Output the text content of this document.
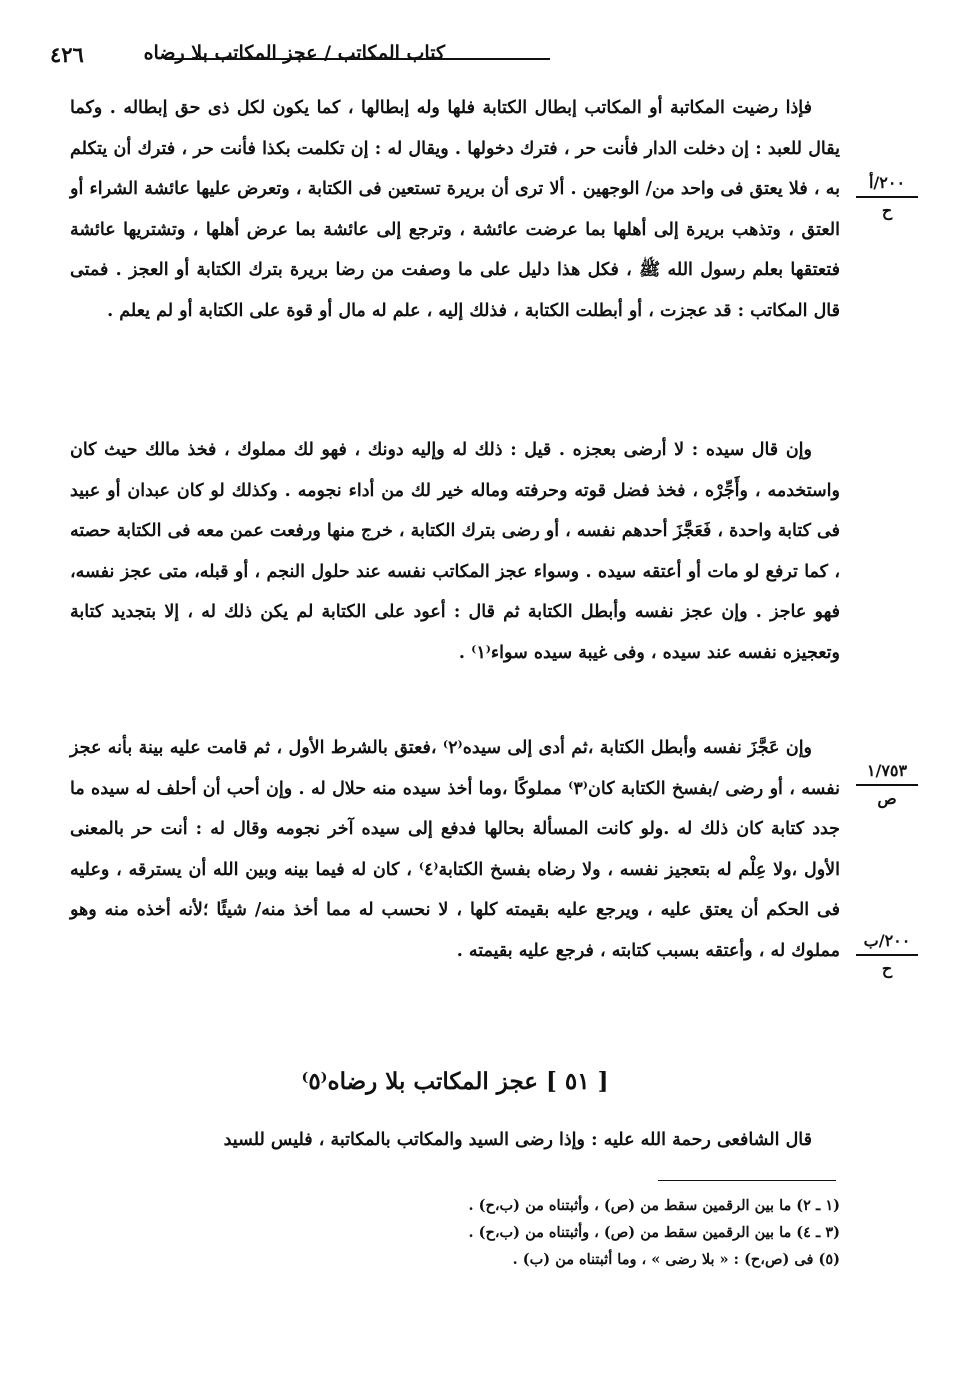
كتاب المكاتب / عجز المكاتب بلا رضاه
٤٢٦
٢٠٠/أ
ح
١/٧٥٣
ص
٢٠٠/ب
ح

فإذا رضيت المكاتبة أو المكاتب إبطال الكتابة فلها وله إبطالها ، كما يكون لكل ذى حق إبطاله . وكما يقال للعبد : إن دخلت الدار فأنت حر ، فترك دخولها . ويقال له : إن تكلمت بكذا فأنت حر ، فترك أن يتكلم به ، فلا يعتق فى واحد من/ الوجهين . ألا ترى أن بريرة تستعين فى الكتابة ، وتعرض عليها عائشة الشراء أو العتق ، وتذهب بريرة إلى أهلها بما عرضت عائشة ، وترجع إلى عائشة بما عرض أهلها ، وتشتريها عائشة فتعتقها بعلم رسول الله ﷺ ، فكل هذا دليل على ما وصفت من رضا بريرة بترك الكتابة أو العجز . فمتى قال المكاتب : قد عجزت ، أو أبطلت الكتابة ، فذلك إليه ، علم له مال أو قوة على الكتابة أو لم يعلم .

وإن قال سيده : لا أرضى بعجزه . قيل : ذلك له وإليه دونك ، فهو لك مملوك ، فخذ مالك حيث كان واستخدمه ، وأَجِّرْه ، فخذ فضل قوته وحرفته وماله خير لك من أداء نجومه . وكذلك لو كان عبدان أو عبيد فى كتابة واحدة ، فَعَجَّزَ أحدهم نفسه ، أو رضى بترك الكتابة ، خرج منها ورفعت عمن معه فى الكتابة حصته ، كما ترفع لو مات أو أعتقه سيده . وسواء عجز المكاتب نفسه عند حلول النجم ، أو قبله، متى عجز نفسه، فهو عاجز . وإن عجز نفسه وأبطل الكتابة ثم قال : أعود على الكتابة لم يكن ذلك له ، إلا بتجديد كتابة وتعجيزه نفسه عند سيده ، وفى غيبة سيده سواء⁽١⁾ .

وإن عَجَّزَ نفسه وأبطل الكتابة ،ثم أدى إلى سيده⁽٢⁾ ،فعتق بالشرط الأول ، ثم قامت عليه بينة بأنه عجز نفسه ، أو رضى /بفسخ الكتابة كان⁽٣⁾ مملوكًا ،وما أخذ سيده منه حلال له . وإن أحب أن أحلف له سيده ما جدد كتابة كان ذلك له .ولو كانت المسألة بحالها فدفع إلى سيده آخر نجومه وقال له : أنت حر بالمعنى الأول ،ولا عِلْم له بتعجيز نفسه ، ولا رضاه بفسخ الكتابة⁽٤⁾ ، كان له فيما بينه وبين الله أن يسترقه ، وعليه فى الحكم أن يعتق عليه ، ويرجع عليه بقيمته كلها ، لا نحسب له مما أخذ منه/ شيئًا ؛لأنه أخذه منه وهو مملوك له ، وأعتقه بسبب كتابته ، فرجع عليه بقيمته .

[ ٥١ ] عجز المكاتب بلا رضاه⁽٥⁾

قال الشافعى رحمة الله عليه : وإذا رضى السيد والمكاتب بالمكاتبة ، فليس للسيد

(١ ـ ٢) ما بين الرقمين سقط من (ص) ، وأثبتناه من (ب،ح) .
(٣ ـ ٤) ما بين الرقمين سقط من (ص) ، وأثبتناه من (ب،ح) .
(٥) فى (ص،ح) : « بلا رضى » ، وما أثبتناه من (ب) .
